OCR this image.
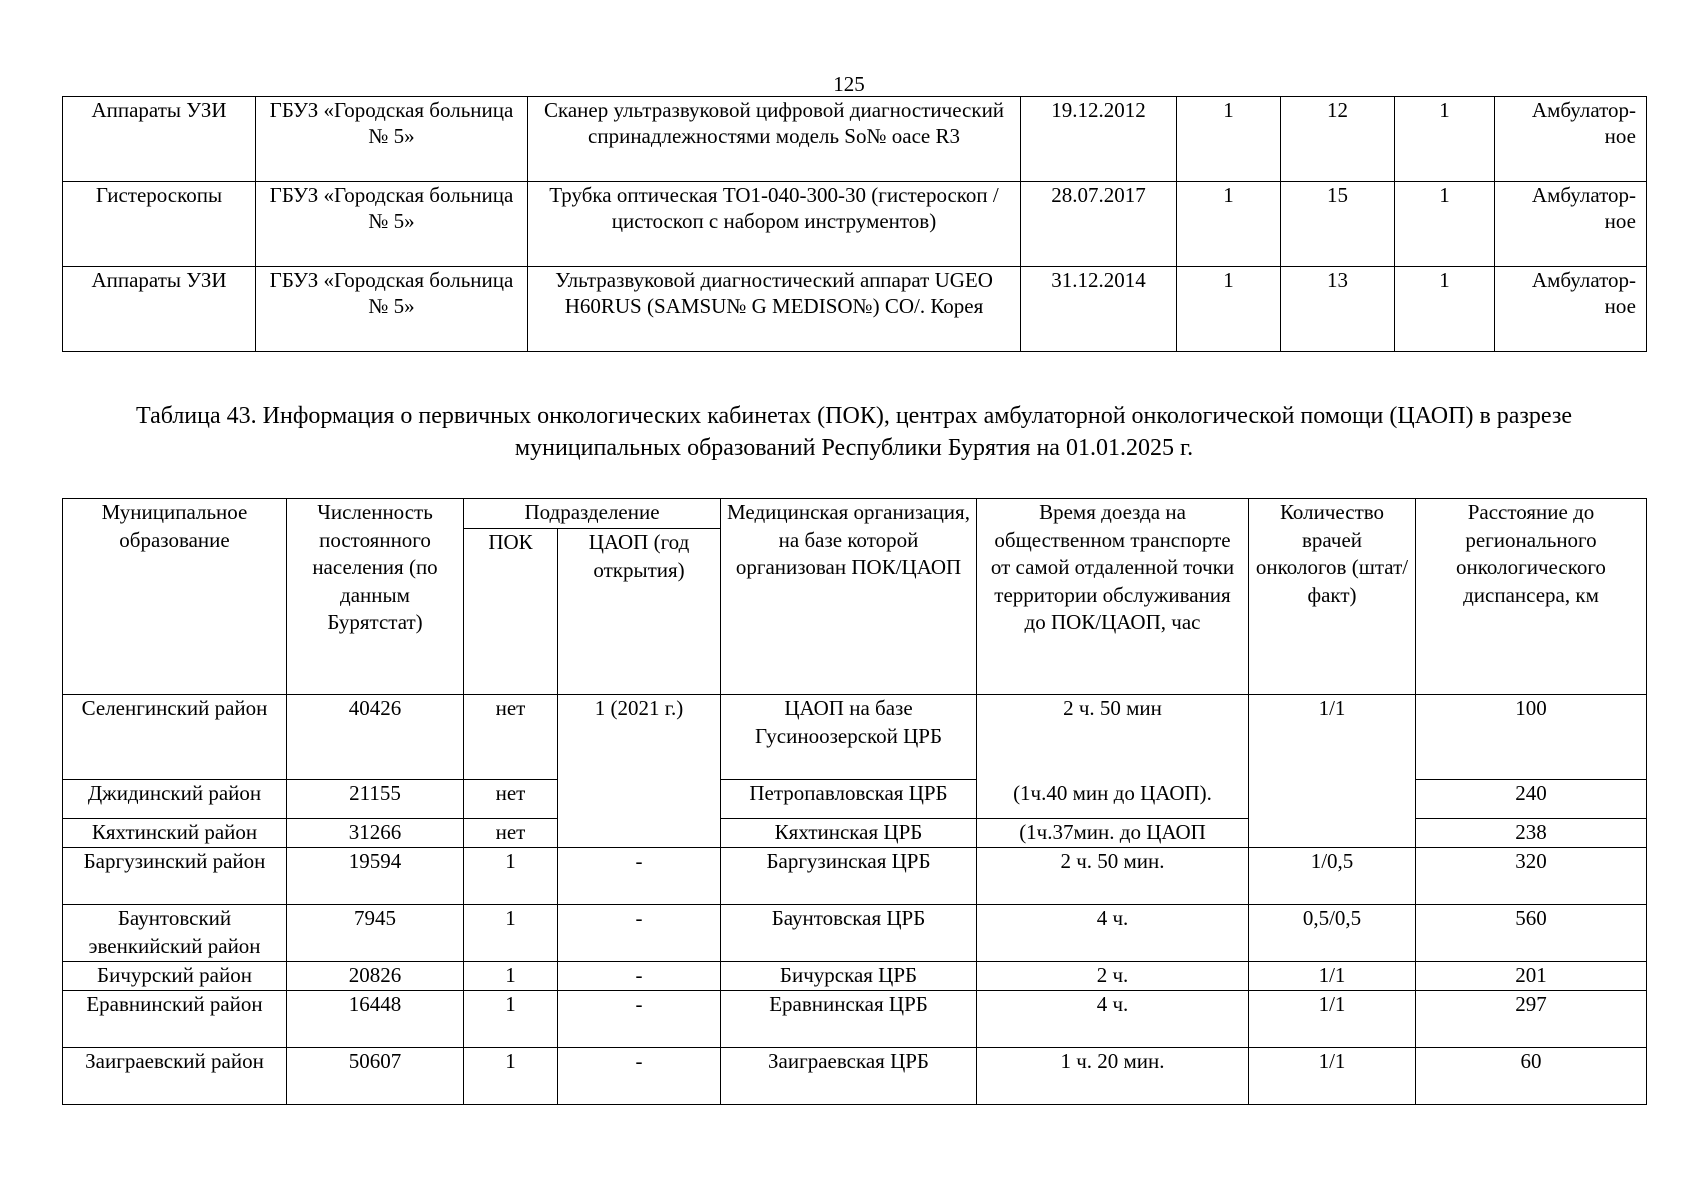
125
Аппараты УЗИ	ГБУЗ «Городская больница № 5»	Сканер ультразвуковой цифровой диагностический спринадлежностями модель So№ oace R3	19.12.2012	1	12	1	Амбулатор-ное
Гистероскопы	ГБУЗ «Городская больница № 5»	Трубка оптическая ТО1-040-300-30 (гистероскоп /цистоскоп с набором инструментов)	28.07.2017	1	15	1	Амбулатор-ное
Аппараты УЗИ	ГБУЗ «Городская больница № 5»	Ультразвуковой диагностический аппарат UGEO H60RUS (SAMSU№ G MEDISO№) CO/. Корея	31.12.2014	1	13	1	Амбулатор-ное
Таблица 43. Информация о первичных онкологических кабинетах (ПОК), центрах амбулаторной онкологической помощи (ЦАОП) в разрезе муниципальных образований Республики Бурятия на 01.01.2025 г.
Муниципальное образование	Численность постоянного населения (по данным Бурятстат)	Подразделение		Медицинская организация, на базе которой организован ПОК/ЦАОП	Время доезда на общественном транспорте от самой отдаленной точки территории обслуживания до ПОК/ЦАОП, час	Количество врачей онкологов (штат/ факт)	Расстояние до регионального онкологического диспансера, км
		ПОК	ЦАОП (год открытия)				
Селенгинский район	40426	нет	1 (2021 г.)	ЦАОП на базе Гусиноозерской ЦРБ	2 ч. 50 мин	1/1	100
Джидинский район	21155	нет		Петропавловская ЦРБ	(1ч.40 мин до ЦАОП).		240
Кяхтинский район	31266	нет		Кяхтинская ЦРБ	(1ч.37мин. до ЦАОП		238
Баргузинский район	19594	1	-	Баргузинская ЦРБ	2 ч. 50 мин.	1/0,5	320
Баунтовский эвенкийский район	7945	1	-	Баунтовская ЦРБ	4 ч.	0,5/0,5	560
Бичурский район	20826	1	-	Бичурская ЦРБ	2 ч.	1/1	201
Еравнинский район	16448	1	-	Еравнинская ЦРБ	4 ч.	1/1	297
Заиграевский район	50607	1	-	Заиграевская ЦРБ	1 ч. 20 мин.	1/1	60
